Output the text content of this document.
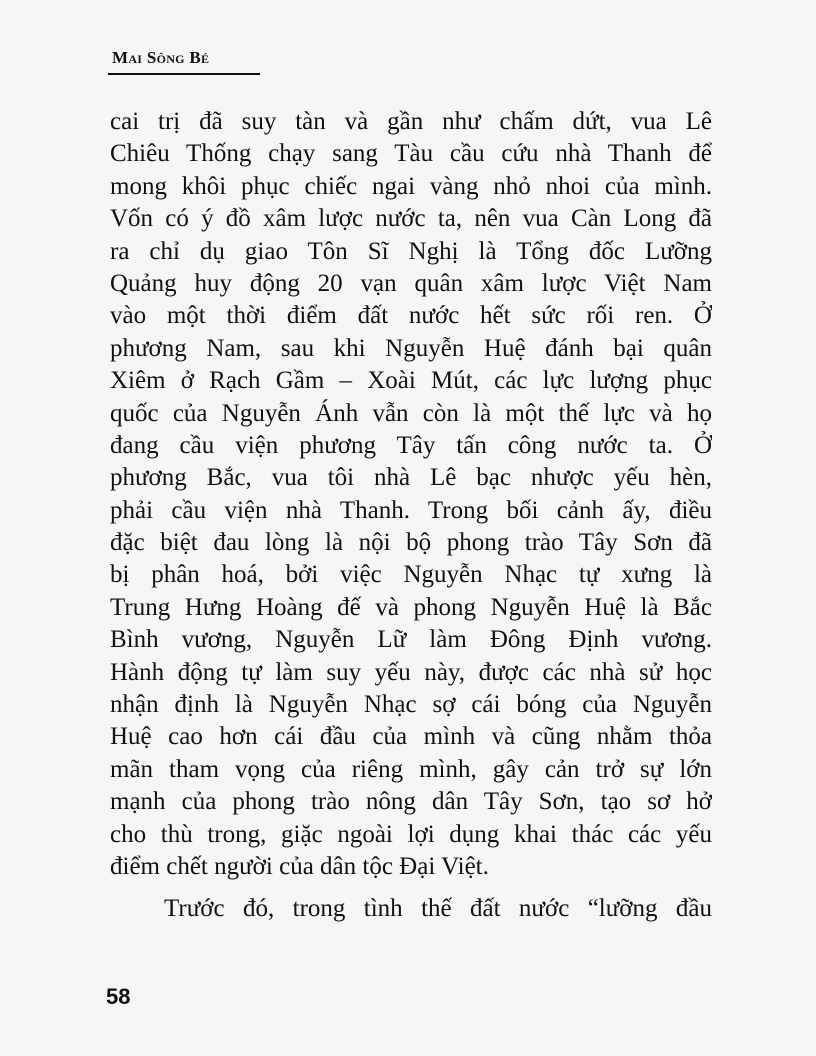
Mai Sông Bé
cai trị đã suy tàn và gần như chấm dứt, vua Lê
Chiêu Thống chạy sang Tàu cầu cứu nhà Thanh để
mong khôi phục chiếc ngai vàng nhỏ nhoi của mình.
Vốn có ý đồ xâm lược nước ta, nên vua Càn Long đã
ra chỉ dụ giao Tôn Sĩ Nghị là Tổng đốc Lưỡng
Quảng huy động 20 vạn quân xâm lược Việt Nam
vào một thời điểm đất nước hết sức rối ren. Ở
phương Nam, sau khi Nguyễn Huệ đánh bại quân
Xiêm ở Rạch Gầm – Xoài Mút, các lực lượng phục
quốc của Nguyễn Ánh vẫn còn là một thế lực và họ
đang cầu viện phương Tây tấn công nước ta. Ở
phương Bắc, vua tôi nhà Lê bạc nhược yếu hèn,
phải cầu viện nhà Thanh. Trong bối cảnh ấy, điều
đặc biệt đau lòng là nội bộ phong trào Tây Sơn đã
bị phân hoá, bởi việc Nguyễn Nhạc tự xưng là
Trung Hưng Hoàng đế và phong Nguyễn Huệ là Bắc
Bình vương, Nguyễn Lữ làm Đông Định vương.
Hành động tự làm suy yếu này, được các nhà sử học
nhận định là Nguyễn Nhạc sợ cái bóng của Nguyễn
Huệ cao hơn cái đầu của mình và cũng nhằm thỏa
mãn tham vọng của riêng mình, gây cản trở sự lớn
mạnh của phong trào nông dân Tây Sơn, tạo sơ hở
cho thù trong, giặc ngoài lợi dụng khai thác các yếu
điểm chết người của dân tộc Đại Việt.
Trước đó, trong tình thế đất nước “lưỡng đầu
58
